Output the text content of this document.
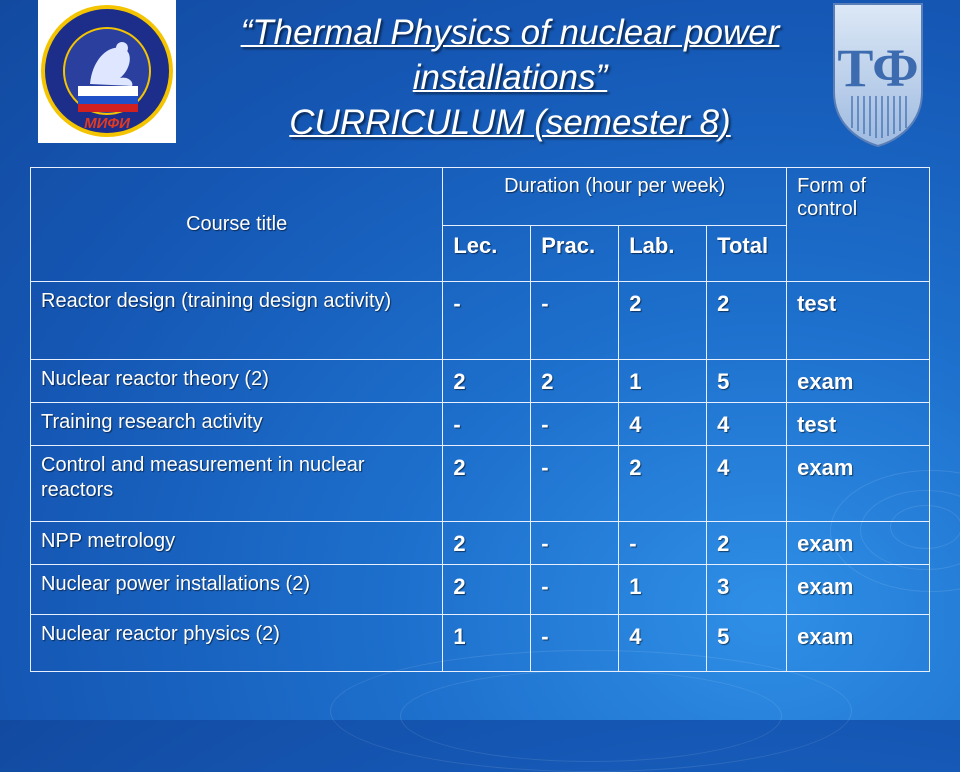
МИФИ
ТФ
“Thermal Physics of nuclear power
installations”
CURRICULUM (semester 8)
Course title	Duration (hour per week)				Form of control
	Lec.	Prac.	Lab.	Total	
Reactor design (training design activity)	-	-	2	2	test
Nuclear reactor theory (2)	2	2	1	5	exam
Training research activity	-	-	4	4	test
Control and measurement in nuclear  reactors	2	-	2	4	exam
NPP metrology	2	-	-	2	exam
Nuclear power installations (2)	2	-	1	3	exam
Nuclear reactor physics (2)	1	-	4	5	exam
